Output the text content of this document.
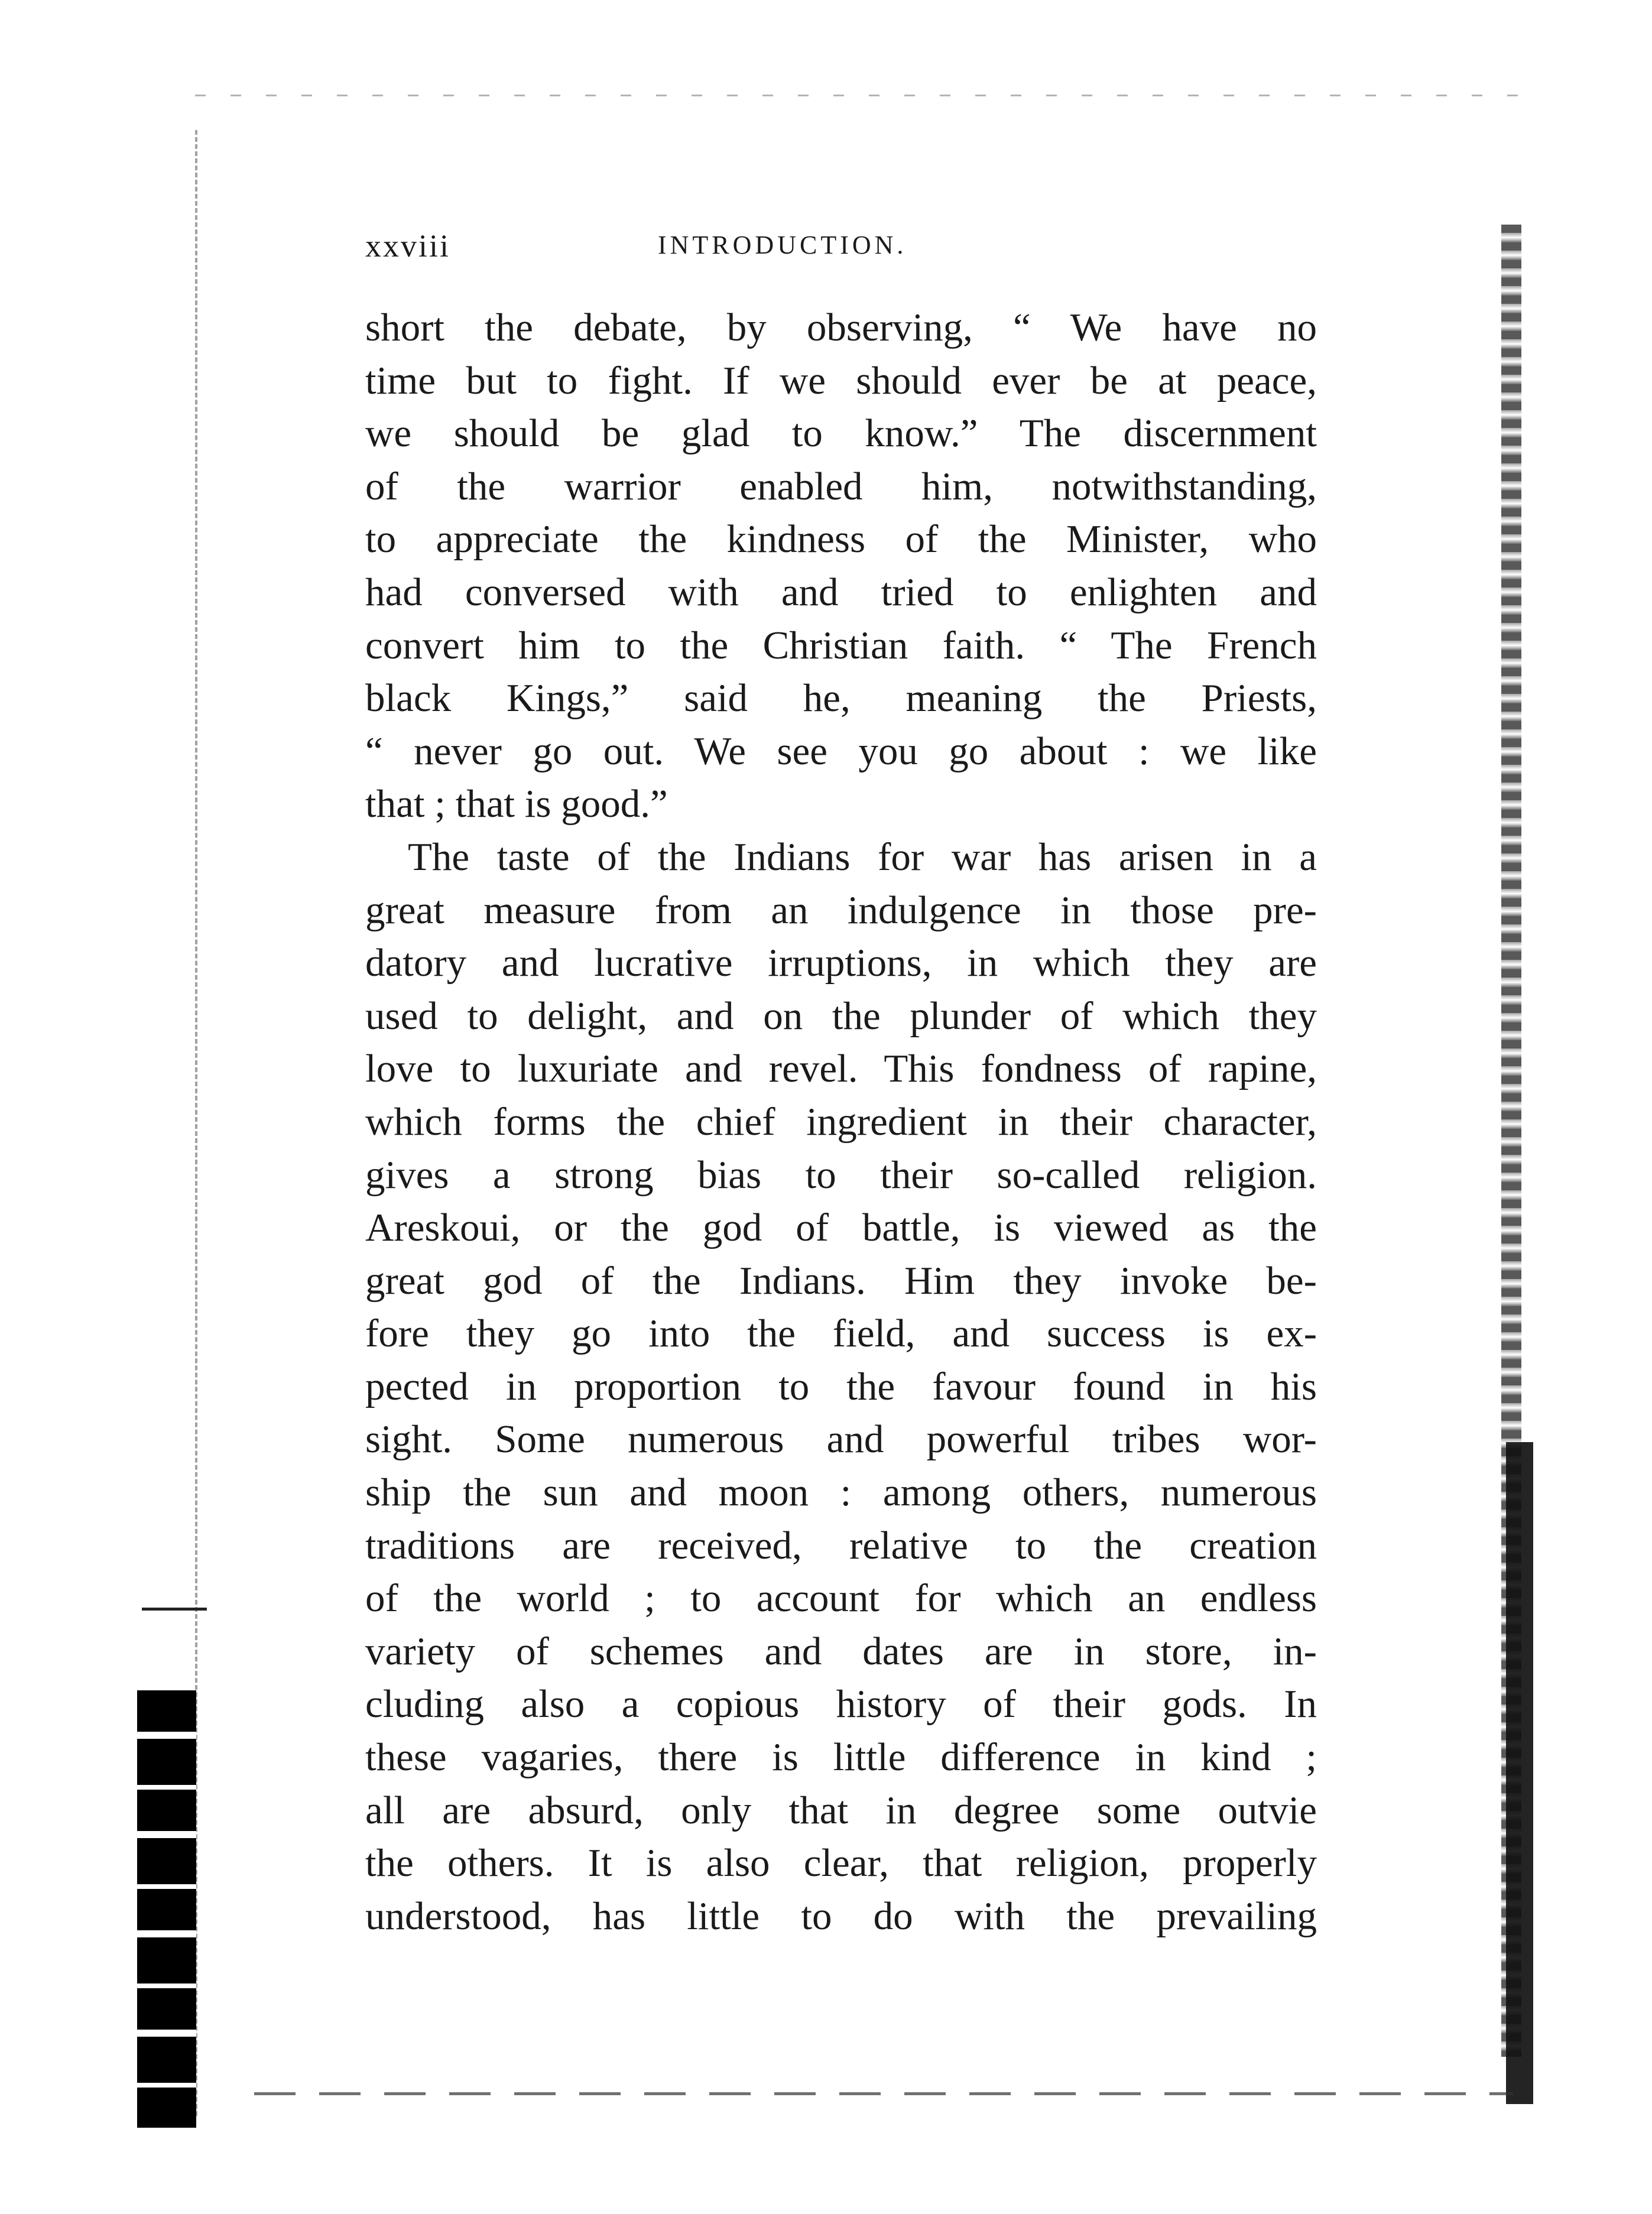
xxviii	INTRODUCTION.

short the debate, by observing, “ We have no
time but to fight. If we should ever be at peace,
we should be glad to know.” The discernment
of the warrior enabled him, notwithstanding,
to appreciate the kindness of the Minister, who
had conversed with and tried to enlighten and
convert him to the Christian faith. “ The French
black Kings,” said he, meaning the Priests,
“ never go out. We see you go about : we like
that ; that is good.”

The taste of the Indians for war has arisen in a
great measure from an indulgence in those pre-
datory and lucrative irruptions, in which they are
used to delight, and on the plunder of which they
love to luxuriate and revel. This fondness of rapine,
which forms the chief ingredient in their character,
gives a strong bias to their so-called religion.
Areskoui, or the god of battle, is viewed as the
great god of the Indians. Him they invoke be-
fore they go into the field, and success is ex-
pected in proportion to the favour found in his
sight. Some numerous and powerful tribes wor-
ship the sun and moon : among others, numerous
traditions are received, relative to the creation
of the world ; to account for which an endless
variety of schemes and dates are in store, in-
cluding also a copious history of their gods. In
these vagaries, there is little difference in kind ;
all are absurd, only that in degree some outvie
the others. It is also clear, that religion, properly
understood, has little to do with the prevailing
